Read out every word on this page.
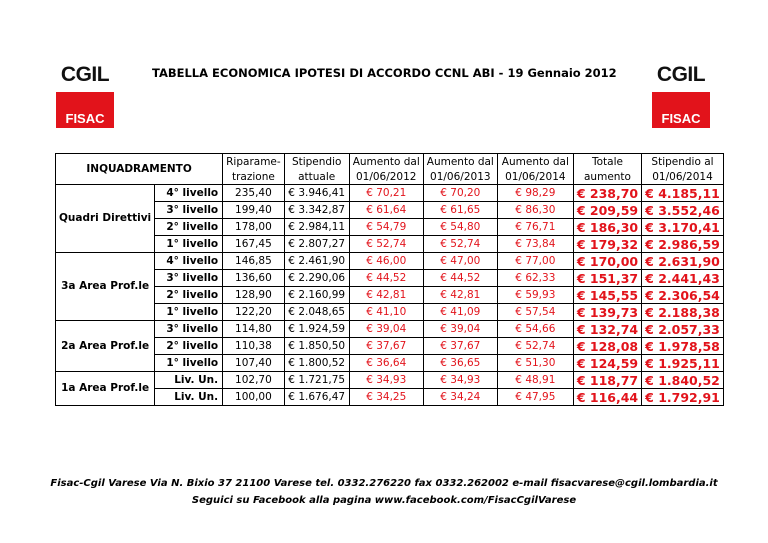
CGIL
FISAC
CGIL
FISAC
TABELLA ECONOMICA IPOTESI DI ACCORDO CCNL ABI - 19 Gennaio 2012
INQUADRAMENTO		Riparame-	Stipendio	Aumento dal	Aumento dal	Aumento dal	Totale	Stipendio al
		trazione	attuale	01/06/2012	01/06/2013	01/06/2014	aumento	01/06/2014
Quadri Direttivi	4° livello	235,40	€ 3.946,41	€ 70,21	€ 70,20	€ 98,29	€ 238,70	€ 4.185,11
	3° livello	199,40	€ 3.342,87	€ 61,64	€ 61,65	€ 86,30	€ 209,59	€ 3.552,46
	2° livello	178,00	€ 2.984,11	€ 54,79	€ 54,80	€ 76,71	€ 186,30	€ 3.170,41
	1° livello	167,45	€ 2.807,27	€ 52,74	€ 52,74	€ 73,84	€ 179,32	€ 2.986,59
3a Area Prof.le	4° livello	146,85	€ 2.461,90	€ 46,00	€ 47,00	€ 77,00	€ 170,00	€ 2.631,90
	3° livello	136,60	€ 2.290,06	€ 44,52	€ 44,52	€ 62,33	€ 151,37	€ 2.441,43
	2° livello	128,90	€ 2.160,99	€ 42,81	€ 42,81	€ 59,93	€ 145,55	€ 2.306,54
	1° livello	122,20	€ 2.048,65	€ 41,10	€ 41,09	€ 57,54	€ 139,73	€ 2.188,38
2a Area Prof.le	3° livello	114,80	€ 1.924,59	€ 39,04	€ 39,04	€ 54,66	€ 132,74	€ 2.057,33
	2° livello	110,38	€ 1.850,50	€ 37,67	€ 37,67	€ 52,74	€ 128,08	€ 1.978,58
	1° livello	107,40	€ 1.800,52	€ 36,64	€ 36,65	€ 51,30	€ 124,59	€ 1.925,11
1a Area Prof.le	Liv. Un.	102,70	€ 1.721,75	€ 34,93	€ 34,93	€ 48,91	€ 118,77	€ 1.840,52
	Liv. Un.	100,00	€ 1.676,47	€ 34,25	€ 34,24	€ 47,95	€ 116,44	€ 1.792,91
Fisac-Cgil Varese Via N. Bixio 37 21100 Varese tel. 0332.276220 fax 0332.262002 e-mail fisacvarese@cgil.lombardia.it
Seguici su Facebook alla pagina www.facebook.com/FisacCgilVarese
